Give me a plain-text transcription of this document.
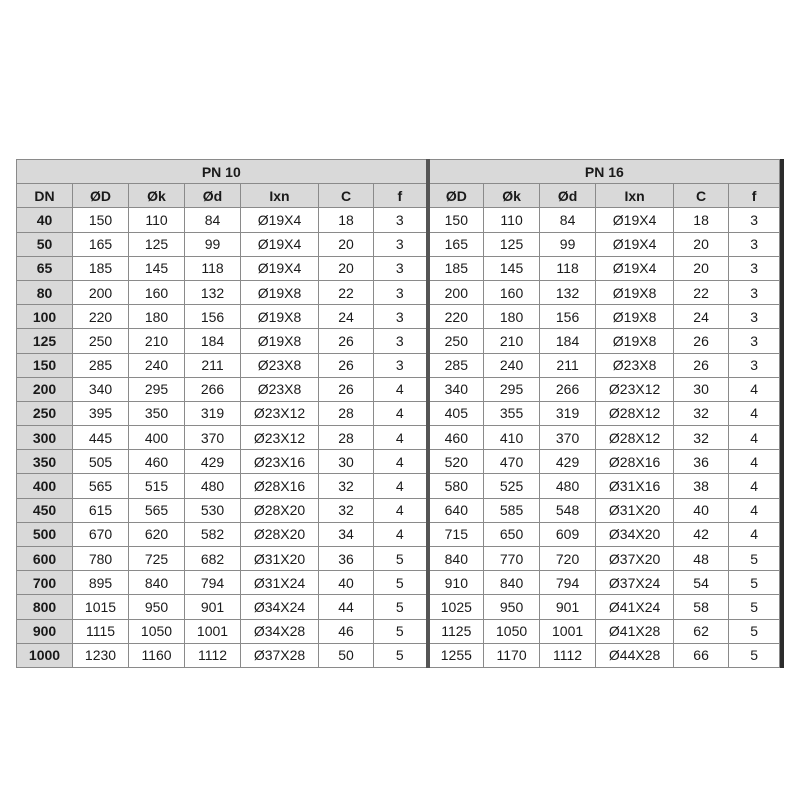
PN 10							PN 16					
DN	ØD	Øk	Ød	Ixn	C	f	ØD	Øk	Ød	Ixn	C	f
40	150	110	84	Ø19X4	18	3	150	110	84	Ø19X4	18	3
50	165	125	99	Ø19X4	20	3	165	125	99	Ø19X4	20	3
65	185	145	118	Ø19X4	20	3	185	145	118	Ø19X4	20	3
80	200	160	132	Ø19X8	22	3	200	160	132	Ø19X8	22	3
100	220	180	156	Ø19X8	24	3	220	180	156	Ø19X8	24	3
125	250	210	184	Ø19X8	26	3	250	210	184	Ø19X8	26	3
150	285	240	211	Ø23X8	26	3	285	240	211	Ø23X8	26	3
200	340	295	266	Ø23X8	26	4	340	295	266	Ø23X12	30	4
250	395	350	319	Ø23X12	28	4	405	355	319	Ø28X12	32	4
300	445	400	370	Ø23X12	28	4	460	410	370	Ø28X12	32	4
350	505	460	429	Ø23X16	30	4	520	470	429	Ø28X16	36	4
400	565	515	480	Ø28X16	32	4	580	525	480	Ø31X16	38	4
450	615	565	530	Ø28X20	32	4	640	585	548	Ø31X20	40	4
500	670	620	582	Ø28X20	34	4	715	650	609	Ø34X20	42	4
600	780	725	682	Ø31X20	36	5	840	770	720	Ø37X20	48	5
700	895	840	794	Ø31X24	40	5	910	840	794	Ø37X24	54	5
800	1015	950	901	Ø34X24	44	5	1025	950	901	Ø41X24	58	5
900	1115	1050	1001	Ø34X28	46	5	1125	1050	1001	Ø41X28	62	5
1000	1230	1160	1112	Ø37X28	50	5	1255	1170	1112	Ø44X28	66	5
